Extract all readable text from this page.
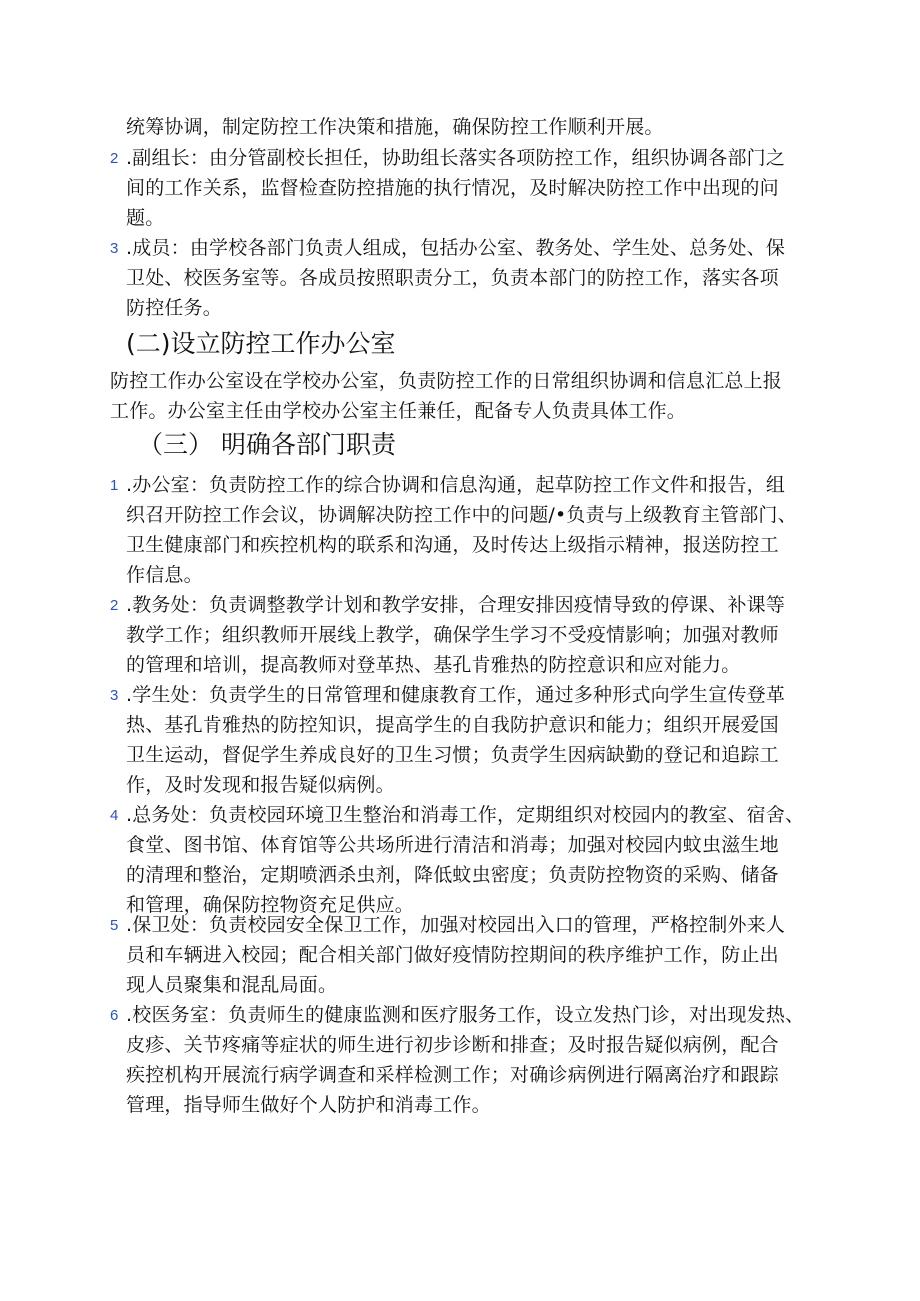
统筹协调，制定防控工作决策和措施，确保防控工作顺利开展。
2 .副组长：由分管副校长担任，协助组长落实各项防控工作，组织协调各部门之
间的工作关系，监督检查防控措施的执行情况，及时解决防控工作中出现的问
题。
3 .成员：由学校各部门负责人组成，包括办公室、教务处、学生处、总务处、保
卫处、校医务室等。各成员按照职责分工，负责本部门的防控工作，落实各项
防控任务。
(二)设立防控工作办公室
防控工作办公室设在学校办公室，负责防控工作的日常组织协调和信息汇总上报
工作。办公室主任由学校办公室主任兼任，配备专人负责具体工作。
（三） 明确各部门职责
1 .办公室：负责防控工作的综合协调和信息沟通，起草防控工作文件和报告，组
织召开防控工作会议，协调解决防控工作中的问题/•负责与上级教育主管部门、
卫生健康部门和疾控机构的联系和沟通，及时传达上级指示精神，报送防控工
作信息。
2 .教务处：负责调整教学计划和教学安排，合理安排因疫情导致的停课、补课等
教学工作；组织教师开展线上教学，确保学生学习不受疫情影响；加强对教师
的管理和培训，提高教师对登革热、基孔肯雅热的防控意识和应对能力。
3 .学生处：负责学生的日常管理和健康教育工作，通过多种形式向学生宣传登革
热、基孔肯雅热的防控知识，提高学生的自我防护意识和能力；组织开展爱国
卫生运动，督促学生养成良好的卫生习惯；负责学生因病缺勤的登记和追踪工
作，及时发现和报告疑似病例。
4 .总务处：负责校园环境卫生整治和消毒工作，定期组织对校园内的教室、宿舍、
食堂、图书馆、体育馆等公共场所进行清洁和消毒；加强对校园内蚊虫滋生地
的清理和整治，定期喷洒杀虫剂，降低蚊虫密度；负责防控物资的采购、储备
和管理，确保防控物资充足供应。
5 .保卫处：负责校园安全保卫工作，加强对校园出入口的管理，严格控制外来人
员和车辆进入校园；配合相关部门做好疫情防控期间的秩序维护工作，防止出
现人员聚集和混乱局面。
6 .校医务室：负责师生的健康监测和医疗服务工作，设立发热门诊，对出现发热、
皮疹、关节疼痛等症状的师生进行初步诊断和排查；及时报告疑似病例，配合
疾控机构开展流行病学调查和采样检测工作；对确诊病例进行隔离治疗和跟踪
管理，指导师生做好个人防护和消毒工作。
